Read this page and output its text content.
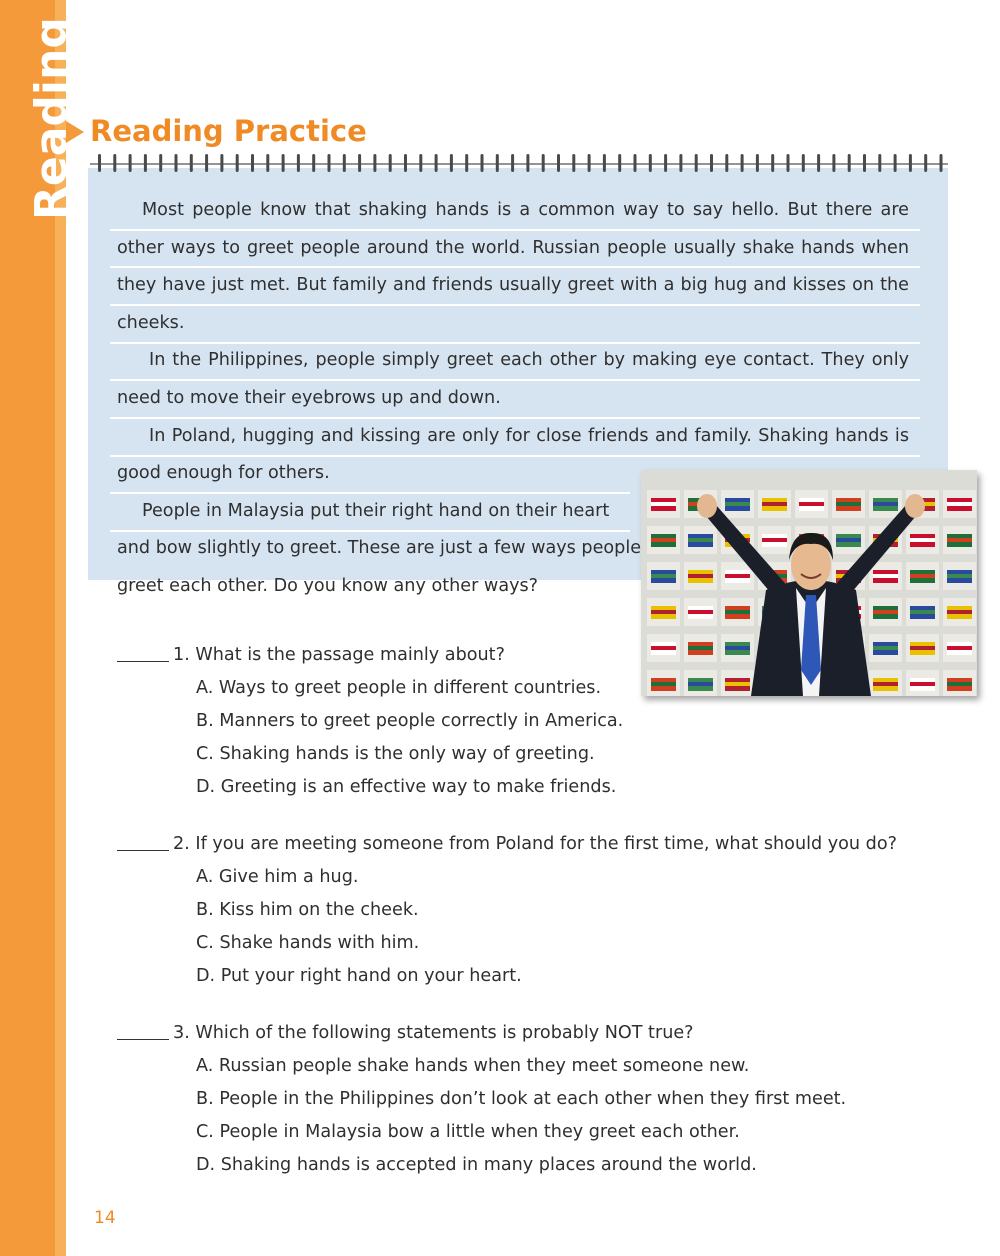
Reading Reading Practice

Most people know that shaking hands is a common way to say hello. But there are other ways to greet people around the world. Russian people usually shake hands when they have just met. But family and friends usually greet with a big hug and kisses on the cheeks.

In the Philippines, people simply greet each other by making eye contact. They only need to move their eyebrows up and down.

In Poland, hugging and kissing are only for close friends and family. Shaking hands is good enough for others.

People in Malaysia put their right hand on their heart

and bow slightly to greet. These are just a few ways people

greet each other. Do you know any other ways?

1. What is the passage mainly about?
A. Ways to greet people in different countries.
B. Manners to greet people correctly in America.
C. Shaking hands is the only way of greeting.
D. Greeting is an effective way to make friends.
2. If you are meeting someone from Poland for the first time, what should you do?
A. Give him a hug.
B. Kiss him on the cheek.
C. Shake hands with him.
D. Put your right hand on your heart.
3. Which of the following statements is probably NOT true?
A. Russian people shake hands when they meet someone new.
B. People in the Philippines don’t look at each other when they first meet.
C. People in Malaysia bow a little when they greet each other.
D. Shaking hands is accepted in many places around the world.
14
